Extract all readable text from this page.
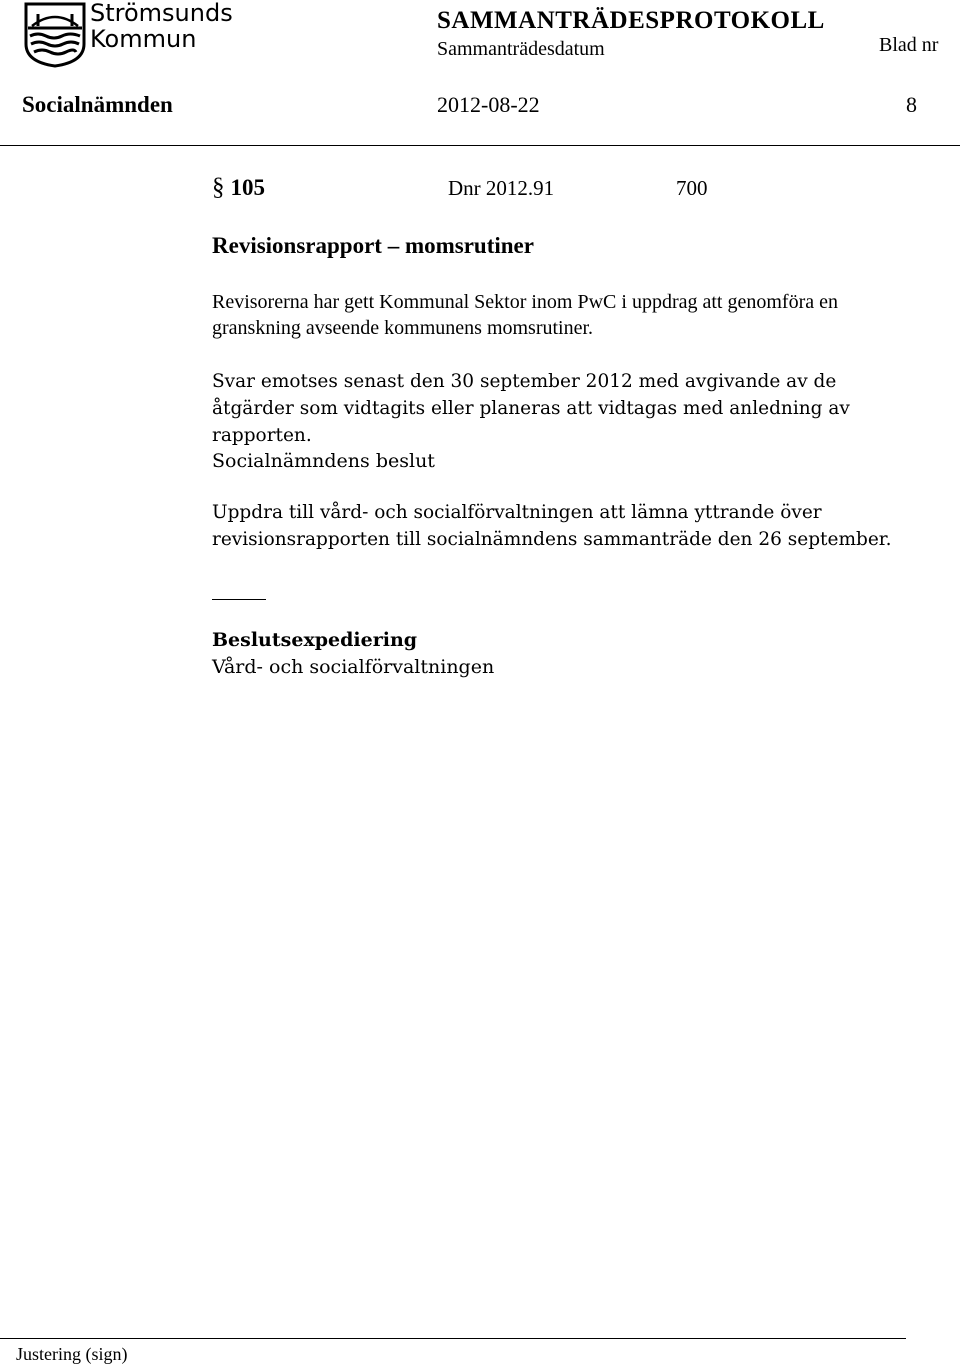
Strömsunds
Kommun
SAMMANTRÄDESPROTOKOLL
Sammanträdesdatum	Blad nr
Socialnämnden	2012-08-22	8
§ 105	Dnr 2012.91	700
Revisionsrapport – momsrutiner
Revisorerna har gett Kommunal Sektor inom PwC i uppdrag att genomföra en granskning avseende kommunens momsrutiner.
Svar emotses senast den 30 september 2012 med avgivande av de åtgärder som vidtagits eller planeras att vidtagas med anledning av rapporten.
Socialnämndens beslut
Uppdra till vård- och socialförvaltningen att lämna yttrande över revisionsrapporten till socialnämndens sammanträde den 26 september.
Beslutsexpediering
Vård- och socialförvaltningen
Justering (sign)
